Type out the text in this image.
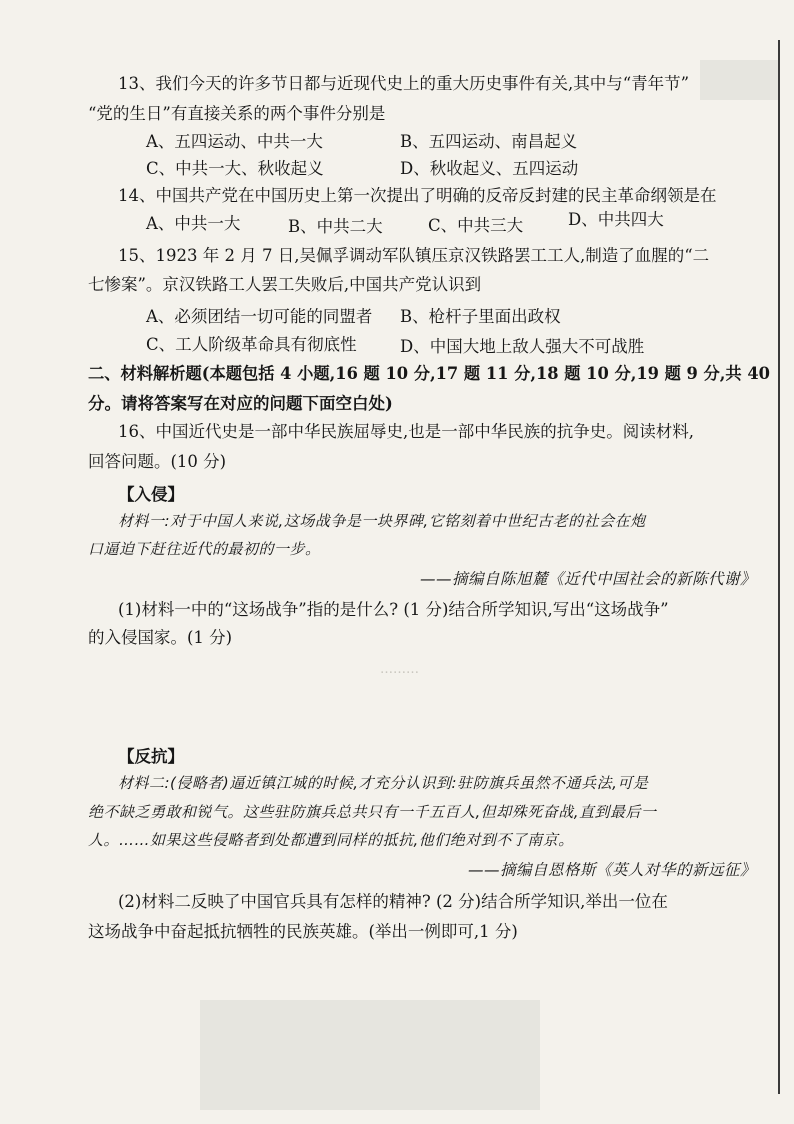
13、我们今天的许多节日都与近现代史上的重大历史事件有关,其中与“青年节”
“党的生日”有直接关系的两个事件分别是
A、五四运动、中共一大	B、五四运动、南昌起义
C、中共一大、秋收起义	D、秋收起义、五四运动
14、中国共产党在中国历史上第一次提出了明确的反帝反封建的民主革命纲领是在
A、中共一大	B、中共二大	C、中共三大	D、中共四大
15、1923 年 2 月 7 日,吴佩孚调动军队镇压京汉铁路罢工工人,制造了血腥的“二
七惨案”。京汉铁路工人罢工失败后,中国共产党认识到
A、必须团结一切可能的同盟者 B、枪杆子里面出政权
C、工人阶级革命具有彻底性	D、中国大地上敌人强大不可战胜
二、材料解析题(本题包括 4 小题,16 题 10 分,17 题 11 分,18 题 10 分,19 题 9 分,共 40
分。请将答案写在对应的问题下面空白处)
16、中国近代史是一部中华民族屈辱史,也是一部中华民族的抗争史。阅读材料,
回答问题。(10 分)
【入侵】
材料一:对于中国人来说,这场战争是一块界碑,它铭刻着中世纪古老的社会在炮
口逼迫下赶往近代的最初的一步。
——摘编自陈旭麓《近代中国社会的新陈代谢》
(1)材料一中的“这场战争”指的是什么? (1 分)结合所学知识,写出“这场战争”
的入侵国家。(1 分)
………
【反抗】
材料二:(侵略者)逼近镇江城的时候,才充分认识到:驻防旗兵虽然不通兵法,可是
绝不缺乏勇敢和锐气。这些驻防旗兵总共只有一千五百人,但却殊死奋战,直到最后一
人。……如果这些侵略者到处都遭到同样的抵抗,他们绝对到不了南京。
——摘编自恩格斯《英人对华的新远征》
(2)材料二反映了中国官兵具有怎样的精神? (2 分)结合所学知识,举出一位在
这场战争中奋起抵抗牺牲的民族英雄。(举出一例即可,1 分)
